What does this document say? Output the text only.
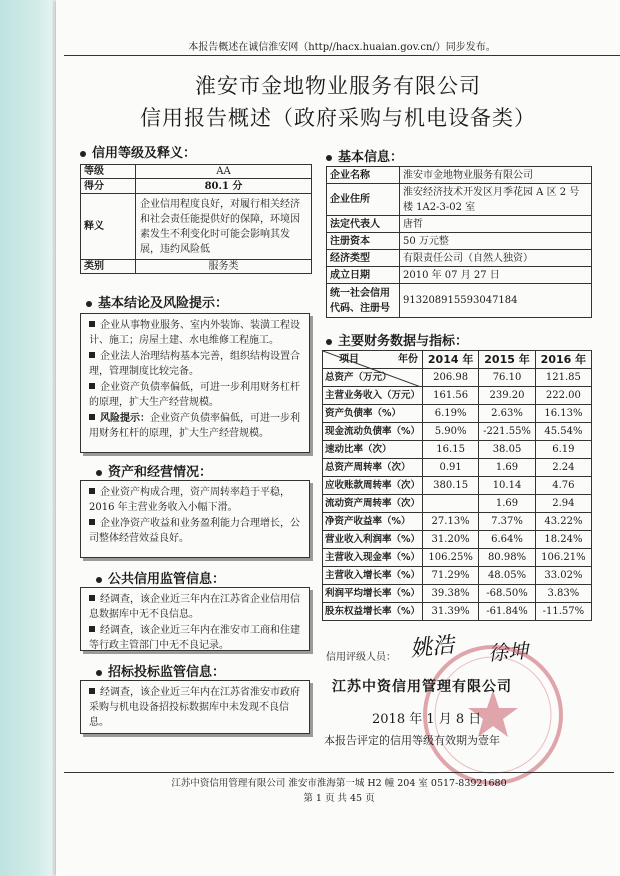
本报告概述在诚信淮安网（http//hacx.huaian.gov.cn/）同步发布。
淮安市金地物业服务有限公司
信用报告概述（政府采购与机电设备类）
信用等级及释义：
等级	AA
得分	80.1 分
释义	企业信用程度良好，对履行相关经济和社会责任能提供好的保障，环境因素发生不利变化时可能会影响其发展，违约风险低
类别	服务类
基本信息：
企业名称	淮安市金地物业服务有限公司
企业住所	淮安经济技术开发区月季花园 A 区 2 号楼 1A2-3-02 室
法定代表人	唐哲
注册资本	50 万元整
经济类型	有限责任公司（自然人独资）
成立日期	2010 年 07 月 27 日
统一社会信用代码、注册号	913208915593047184
基本结论及风险提示：

企业从事物业服务、室内外装饰、装潢工程设计、施工；房屋土建、水电维修工程施工。

企业法人治理结构基本完善，组织结构设置合理，管理制度比较完备。

企业资产负债率偏低，可进一步利用财务杠杆的原理，扩大生产经营规模。

风险提示：企业资产负债率偏低，可进一步利用财务杠杆的原理，扩大生产经营规模。

资产和经营情况：

企业资产构成合理，资产周转率趋于平稳，2016 年主营业务收入小幅下滑。

企业净资产收益和业务盈利能力合理增长，公司整体经营效益良好。

公共信用监管信息：

经调查，该企业近三年内在江苏省企业信用信息数据库中无不良信息。

经调查，该企业近三年内在淮安市工商和住建等行政主管部门中无不良记录。

招标投标监管信息：

经调查，该企业近三年内在江苏省淮安市政府采购与机电设备招投标数据库中未发现不良信息。

主要财务数据与指标：
年份
项目	2014 年	2015 年	2016 年
总资产（万元）	206.98	76.10	121.85
主营业务收入（万元）	161.56	239.20	222.00
资产负债率（%）	6.19%	2.63%	16.13%
现金流动负债率（%）	5.90%	-221.55%	45.54%
速动比率（次）	16.15	38.05	6.19
总资产周转率（次）	0.91	1.69	2.24
应收账款周转率（次）	380.15	10.14	4.76
流动资产周转率（次）		1.69	2.94
净资产收益率（%）	27.13%	7.37%	43.22%
营业收入利润率（%）	31.20%	6.64%	18.24%
主营收入现金率（%）	106.25%	80.98%	106.21%
主营收入增长率（%）	71.29%	48.05%	33.02%
利润平均增长率（%）	39.38%	-68.50%	3.83%
股东权益增长率（%）	31.39%	-61.84%	-11.57%
信用评级人员： 姚浩 徐坤
江苏中资信用管理有限公司
2018 年 1 月 8 日
本报告评定的信用等级有效期为壹年
江苏中资信用管理有限公司 淮安市淮海第一城 H2 幢 204 室 0517-83921680
第 1 页 共 45 页
